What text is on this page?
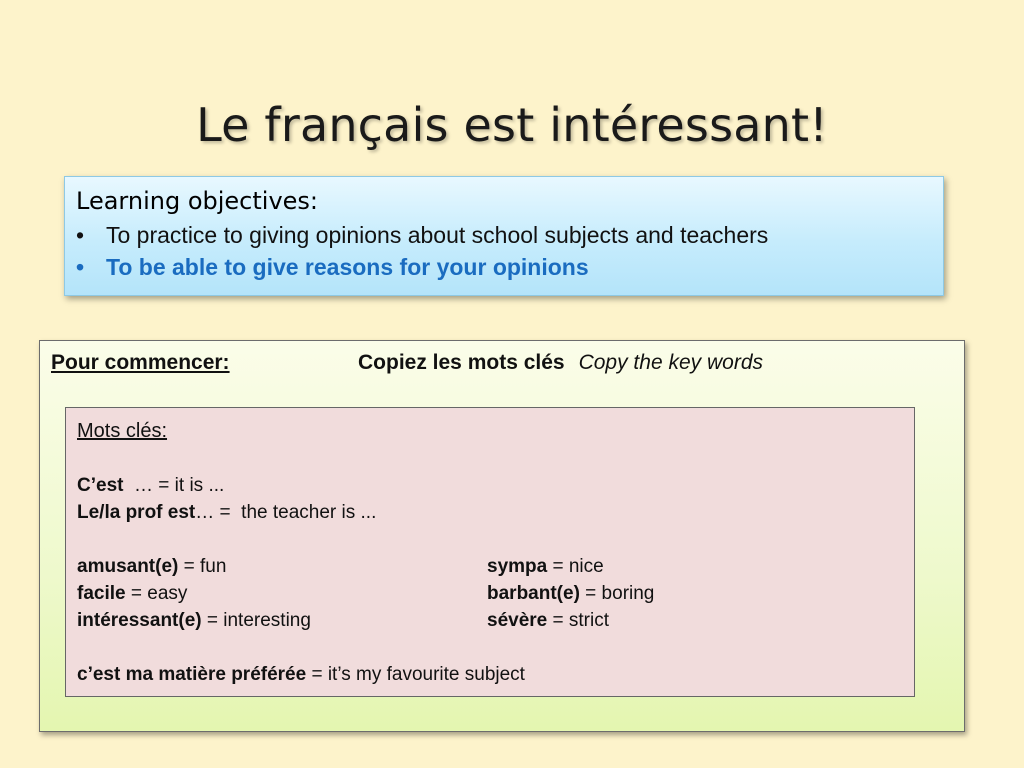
Le français est intéressant!
Learning objectives:
• To practice to giving opinions about school subjects and teachers
• To be able to give reasons for your opinions
Pour commencer:	Copiez les mots clés Copy the key words
Mots clés:
C’est  … = it is ...
Le/la prof est… =  the teacher is ...
amusant(e) = fun	sympa = nice
facile = easy	barbant(e) = boring
intéressant(e) = interesting	sévère = strict
c’est ma matière préférée = it’s my favourite subject
